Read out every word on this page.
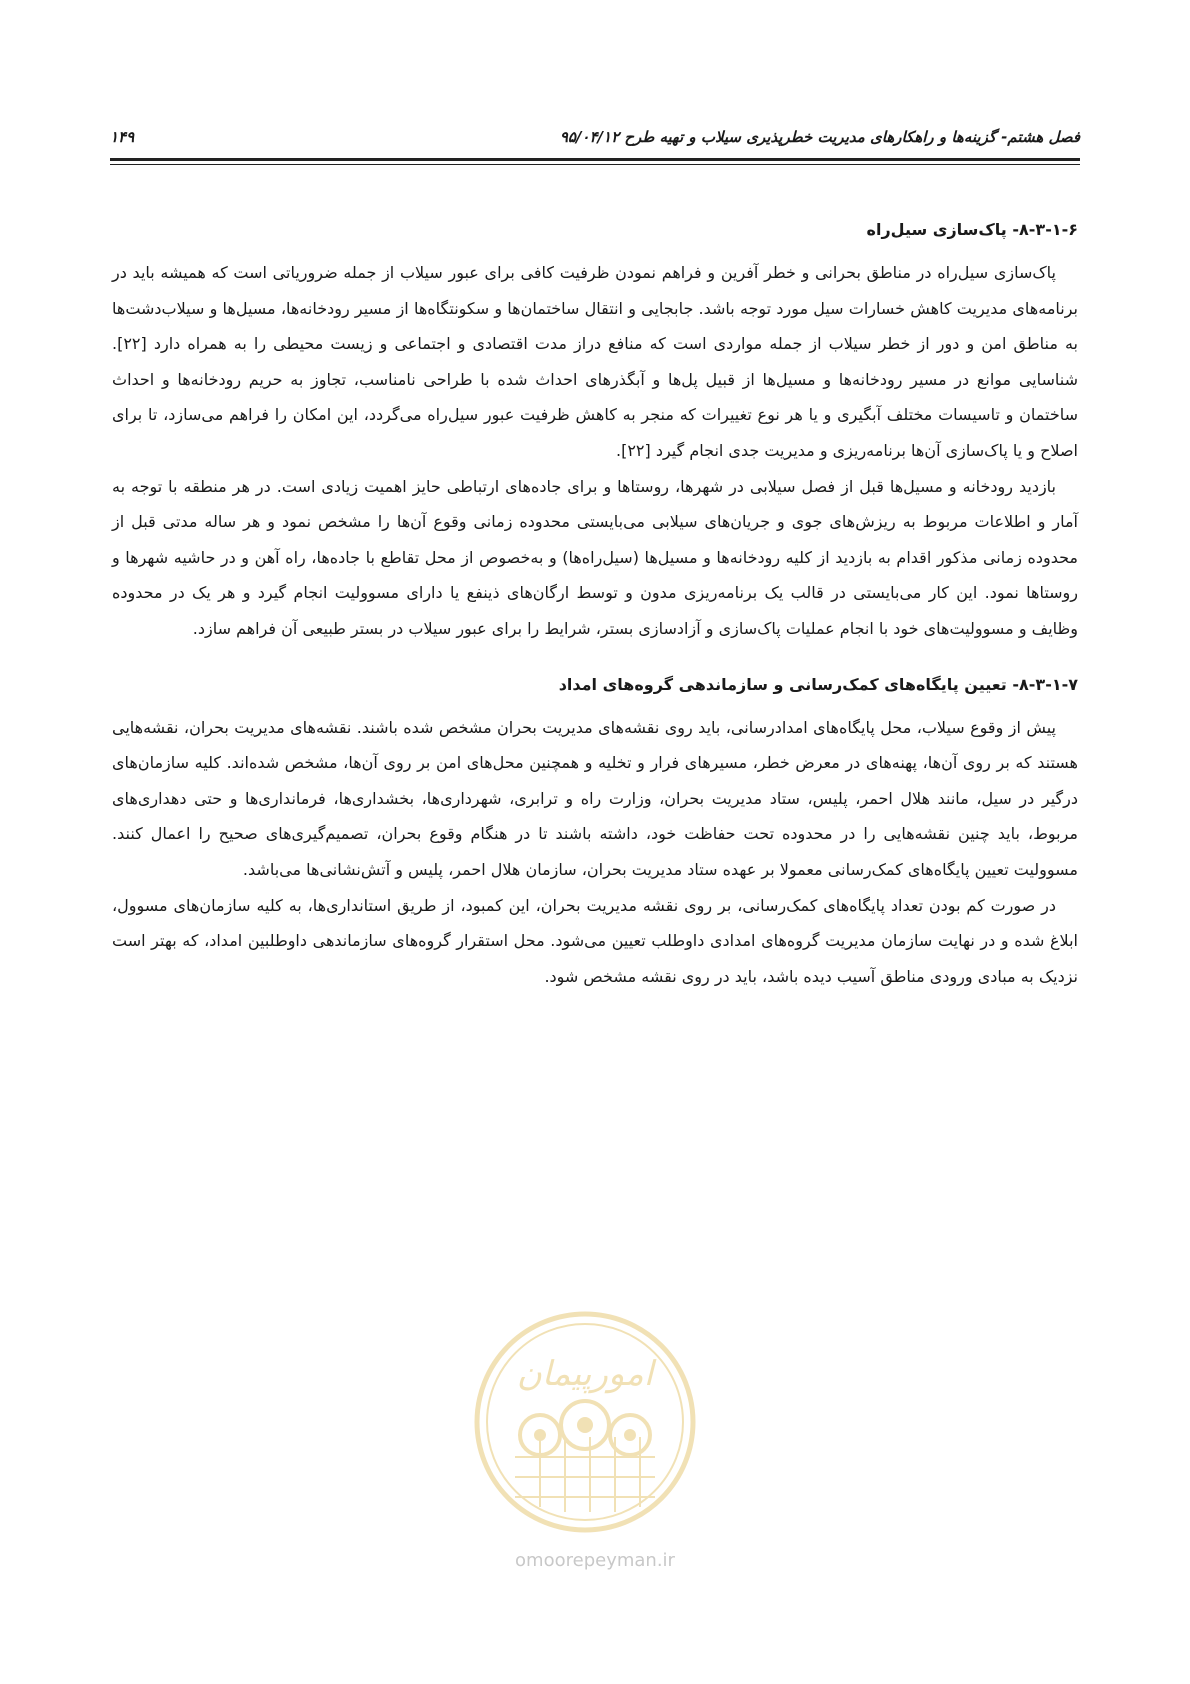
فصل هشتم- گزینه‌ها و راهکارهای مدیریت خطرپذیری سیلاب و تهیه طرح ۹۵/۰۴/۱۲
۱۴۹
۸-۳-۱-۶- پاک‌سازی سیل‌راه

پاک‌سازی سیل‌راه در مناطق بحرانی و خطر آفرین و فراهم نمودن ظرفیت کافی برای عبور سیلاب از جمله ضروریاتی است که همیشه باید در برنامه‌های مدیریت کاهش خسارات سیل مورد توجه باشد. جابجایی و انتقال ساختمان‌ها و سکونتگاه‌ها از مسیر رودخانه‌ها، مسیل‌ها و سیلاب‌دشت‌ها به مناطق امن و دور از خطر سیلاب از جمله مواردی است که منافع دراز مدت اقتصادی و اجتماعی و زیست محیطی را به همراه دارد [۲۲]. شناسایی موانع در مسیر رودخانه‌ها و مسیل‌ها از قبیل پل‌ها و آبگذرهای احداث شده با طراحی نامناسب، تجاوز به حریم رودخانه‌ها و احداث ساختمان و تاسیسات مختلف آبگیری و یا هر نوع تغییرات که منجر به کاهش ظرفیت عبور سیل‌راه می‌گردد، این امکان را فراهم می‌سازد، تا برای اصلاح و یا پاک‌سازی آن‌ها برنامه‌ریزی و مدیریت جدی انجام گیرد [۲۲].

بازدید رودخانه و مسیل‌ها قبل از فصل سیلابی در شهرها، روستاها و برای جاده‌های ارتباطی حایز اهمیت زیادی است. در هر منطقه با توجه به آمار و اطلاعات مربوط به ریزش‌های جوی و جریان‌های سیلابی می‌بایستی محدوده زمانی وقوع آن‌ها را مشخص نمود و هر ساله مدتی قبل از محدوده زمانی مذکور اقدام به بازدید از کلیه رودخانه‌ها و مسیل‌ها (سیل‌راه‌ها) و به‌خصوص از محل تقاطع با جاده‌ها، راه آهن و در حاشیه شهرها و روستاها نمود. این کار می‌بایستی در قالب یک برنامه‌ریزی مدون و توسط ارگان‌های ذینفع یا دارای مسوولیت انجام گیرد و هر یک در محدوده وظایف و مسوولیت‌های خود با انجام عملیات پاک‌سازی و آزادسازی بستر، شرایط را برای عبور سیلاب در بستر طبیعی آن فراهم سازد.

۸-۳-۱-۷- تعیین پایگاه‌های کمک‌رسانی و سازماندهی گروه‌های امداد

پیش از وقوع سیلاب، محل پایگاه‌های امدادرسانی، باید روی نقشه‌های مدیریت بحران مشخص شده باشند. نقشه‌های مدیریت بحران، نقشه‌هایی هستند که بر روی آن‌ها، پهنه‌های در معرض خطر، مسیرهای فرار و تخلیه و همچنین محل‌های امن بر روی آن‌ها، مشخص شده‌اند. کلیه سازمان‌های درگیر در سیل، مانند هلال احمر، پلیس، ستاد مدیریت بحران، وزارت راه و ترابری، شهرداری‌ها، بخشداری‌ها، فرمانداری‌ها و حتی دهداری‌های مربوط، باید چنین نقشه‌هایی را در محدوده تحت حفاظت خود، داشته باشند تا در هنگام وقوع بحران، تصمیم‌گیری‌های صحیح را اعمال کنند. مسوولیت تعیین پایگاه‌های کمک‌رسانی معمولا بر عهده ستاد مدیریت بحران، سازمان هلال احمر، پلیس و آتش‌نشانی‌ها می‌باشد.

در صورت کم بودن تعداد پایگاه‌های کمک‌رسانی، بر روی نقشه مدیریت بحران، این کمبود، از طریق استانداری‌ها، به کلیه سازمان‌های مسوول، ابلاغ شده و در نهایت سازمان مدیریت گروه‌های امدادی داوطلب تعیین می‌شود. محل استقرار گروه‌های سازماندهی داوطلبین امداد، که بهتر است نزدیک به مبادی ورودی مناطق آسیب دیده باشد، باید در روی نقشه مشخص شود.

امورپیمان
omoorepeyman.ir
